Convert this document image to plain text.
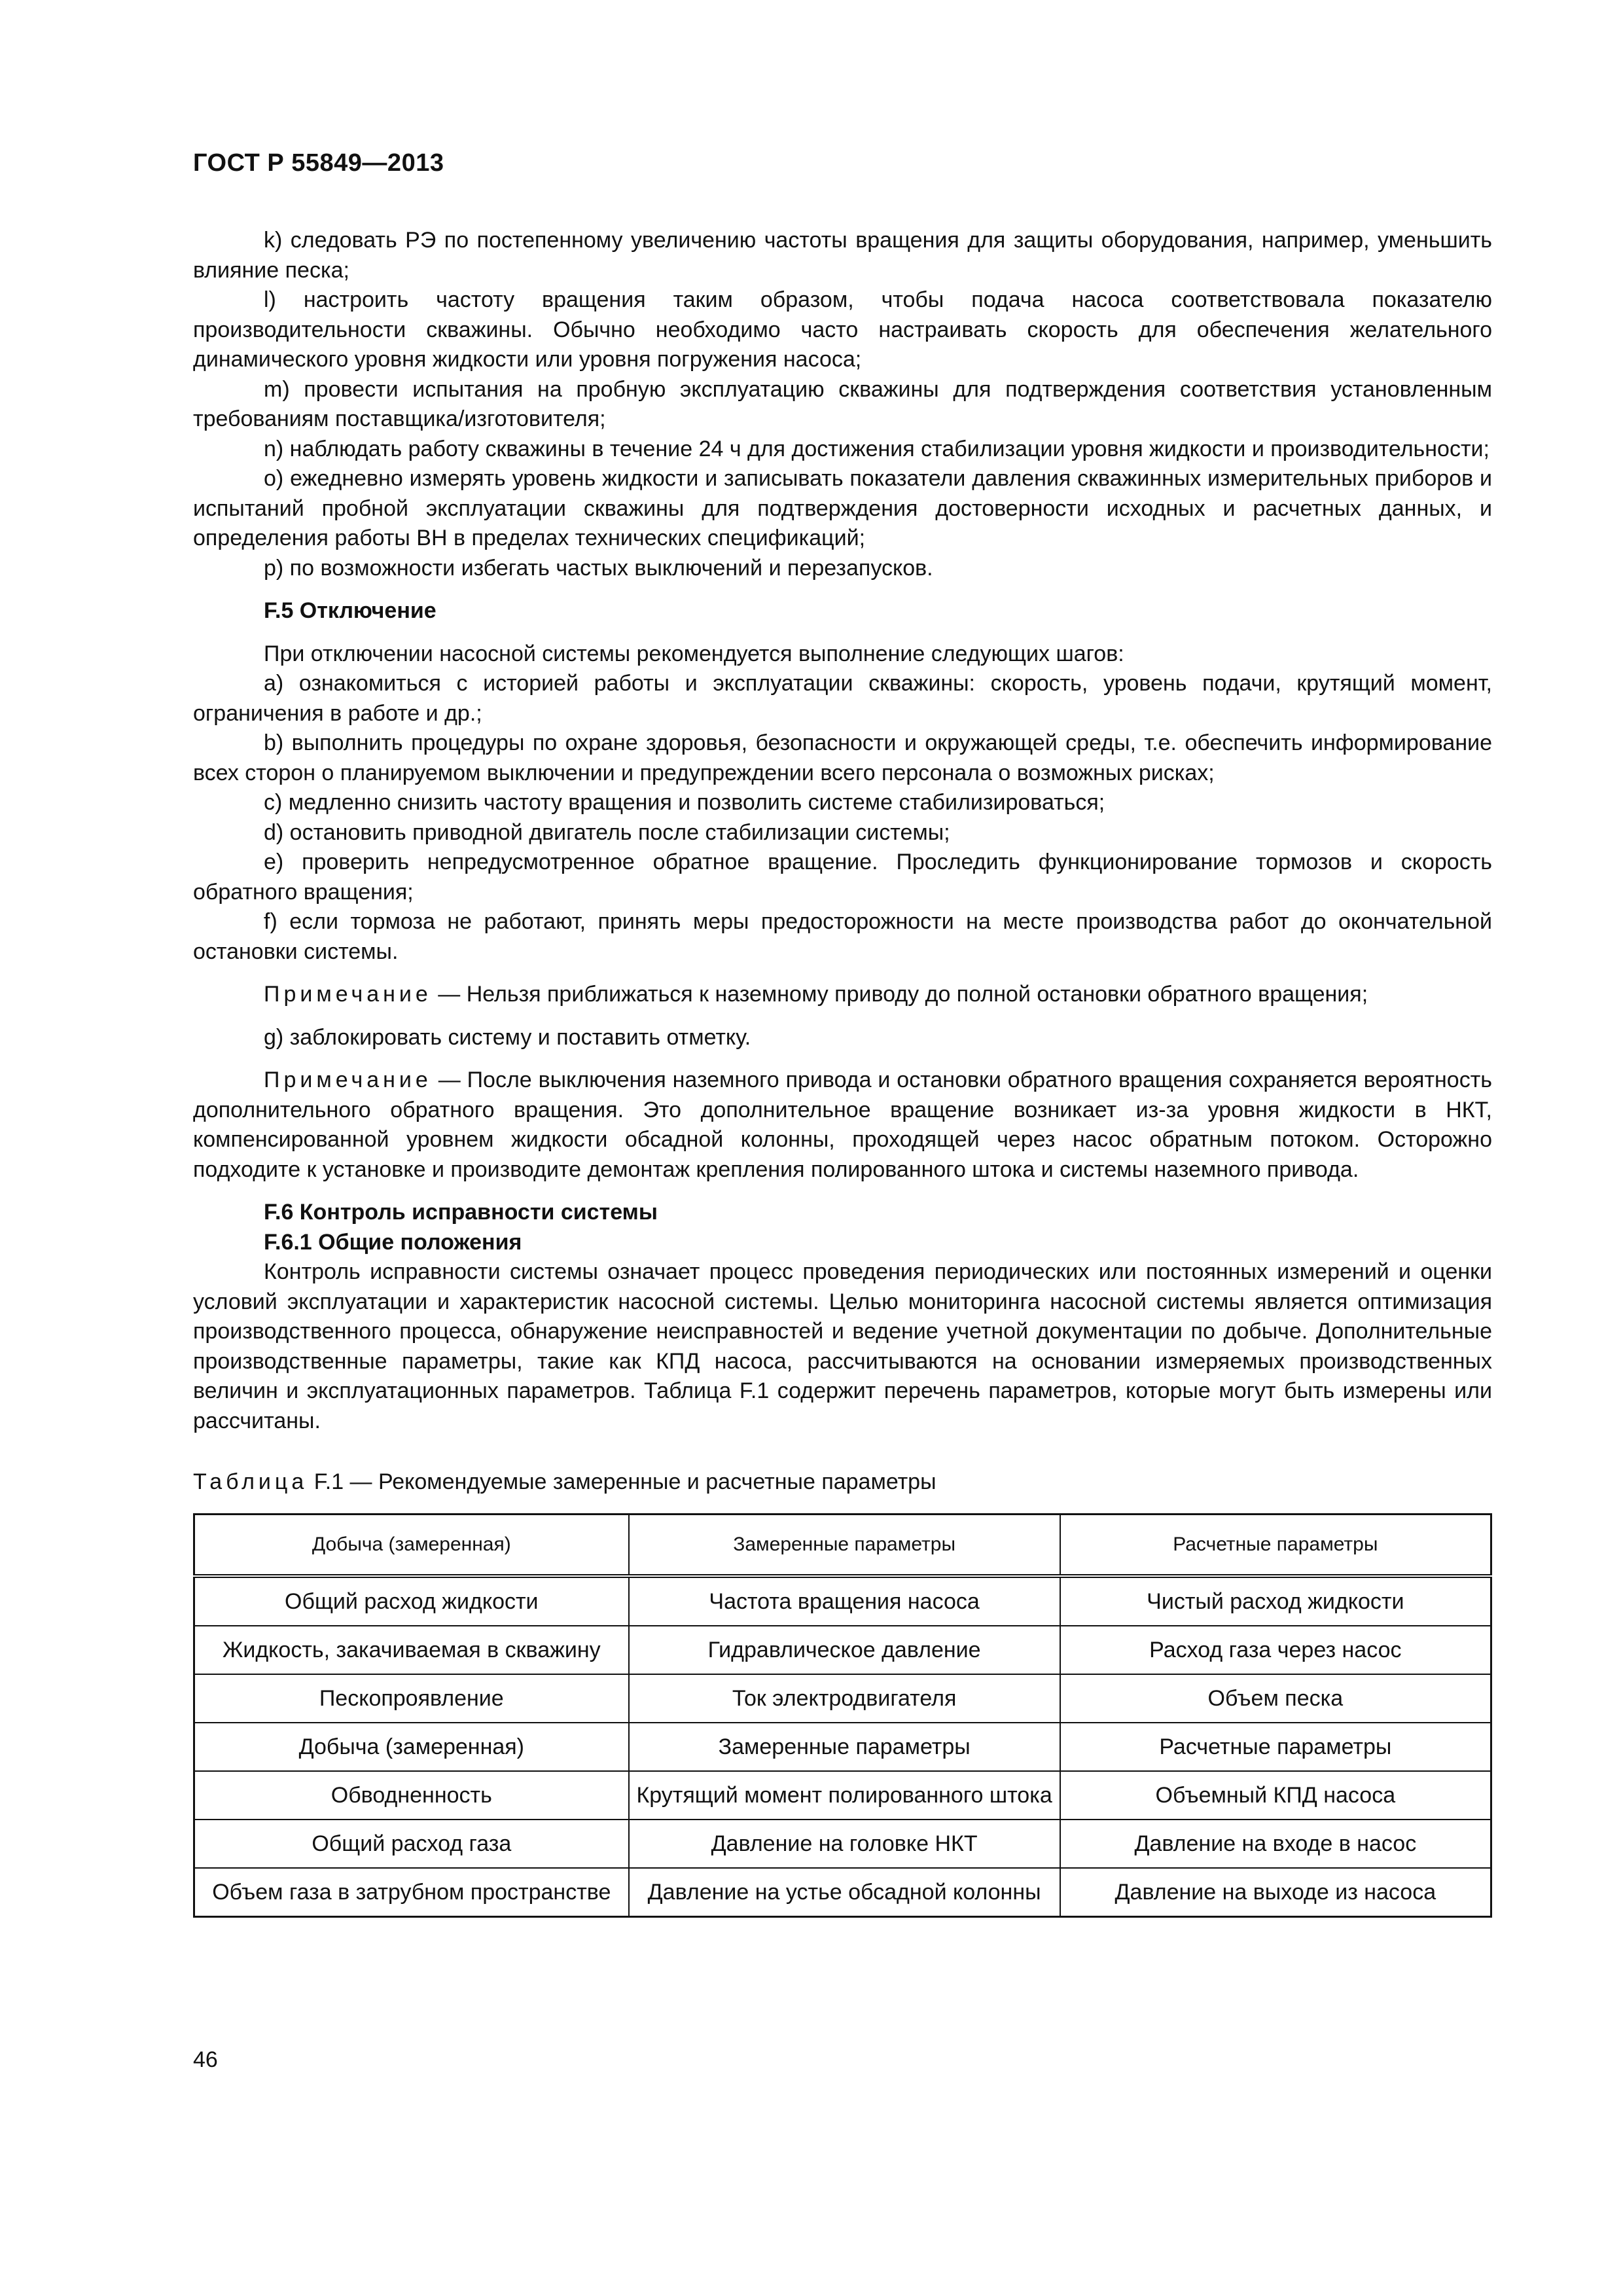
ГОСТ Р 55849—2013

k) следовать РЭ по постепенному увеличению частоты вращения для защиты оборудования, например, уменьшить влияние песка;

l) настроить частоту вращения таким образом, чтобы подача насоса соответствовала показателю производительности скважины. Обычно необходимо часто настраивать скорость для обеспечения желательного динамического уровня жидкости или уровня погружения насоса;

m) провести испытания на пробную эксплуатацию скважины для подтверждения соответствия установленным требованиям поставщика/изготовителя;

n) наблюдать работу скважины в течение 24 ч для достижения стабилизации уровня жидкости и производительности;

o) ежедневно измерять уровень жидкости и записывать показатели давления скважинных измерительных приборов и испытаний пробной эксплуатации скважины для подтверждения достоверности исходных и расчетных данных, и определения работы ВН в пределах технических спецификаций;

p) по возможности избегать частых выключений и перезапусков.

F.5 Отключение

При отключении насосной системы рекомендуется выполнение следующих шагов:

a) ознакомиться с историей работы и эксплуатации скважины: скорость, уровень подачи, крутящий момент, ограничения в работе и др.;

b) выполнить процедуры по охране здоровья, безопасности и окружающей среды, т.е. обеспечить информирование всех сторон о планируемом выключении и предупреждении всего персонала о возможных рисках;

c) медленно снизить частоту вращения и позволить системе стабилизироваться;

d) остановить приводной двигатель после стабилизации системы;

e) проверить непредусмотренное обратное вращение. Проследить функционирование тормозов и скорость обратного вращения;

f) если тормоза не работают, принять меры предосторожности на месте производства работ до окончательной остановки системы.

Примечание — Нельзя приближаться к наземному приводу до полной остановки обратного вращения;

g) заблокировать систему и поставить отметку.

Примечание — После выключения наземного привода и остановки обратного вращения сохраняется вероятность дополнительного обратного вращения. Это дополнительное вращение возникает из-за уровня жидкости в НКТ, компенсированной уровнем жидкости обсадной колонны, проходящей через насос обратным потоком. Осторожно подходите к установке и производите демонтаж крепления полированного штока и системы наземного привода.

F.6 Контроль исправности системы

F.6.1 Общие положения

Контроль исправности системы означает процесс проведения периодических или постоянных измерений и оценки условий эксплуатации и характеристик насосной системы. Целью мониторинга насосной системы является оптимизация производственного процесса, обнаружение неисправностей и ведение учетной документации по добыче. Дополнительные производственные параметры, такие как КПД насоса, рассчитываются на основании измеряемых производственных величин и эксплуатационных параметров. Таблица F.1 содержит перечень параметров, которые могут быть измерены или рассчитаны.

Таблица F.1 — Рекомендуемые замеренные и расчетные параметры

Добыча (замеренная)	Замеренные параметры	Расчетные параметры
Общий расход жидкости	Частота вращения насоса	Чистый расход жидкости
Жидкость, закачиваемая в скважину	Гидравлическое давление	Расход газа через насос
Пескопроявление	Ток электродвигателя	Объем песка
Добыча (замеренная)	Замеренные параметры	Расчетные параметры
Обводненность	Крутящий момент полированного штока	Объемный КПД насоса
Общий расход газа	Давление на головке НКТ	Давление на входе в насос
Объем газа в затрубном пространстве	Давление на устье обсадной колонны	Давление на выходе из насоса
46
